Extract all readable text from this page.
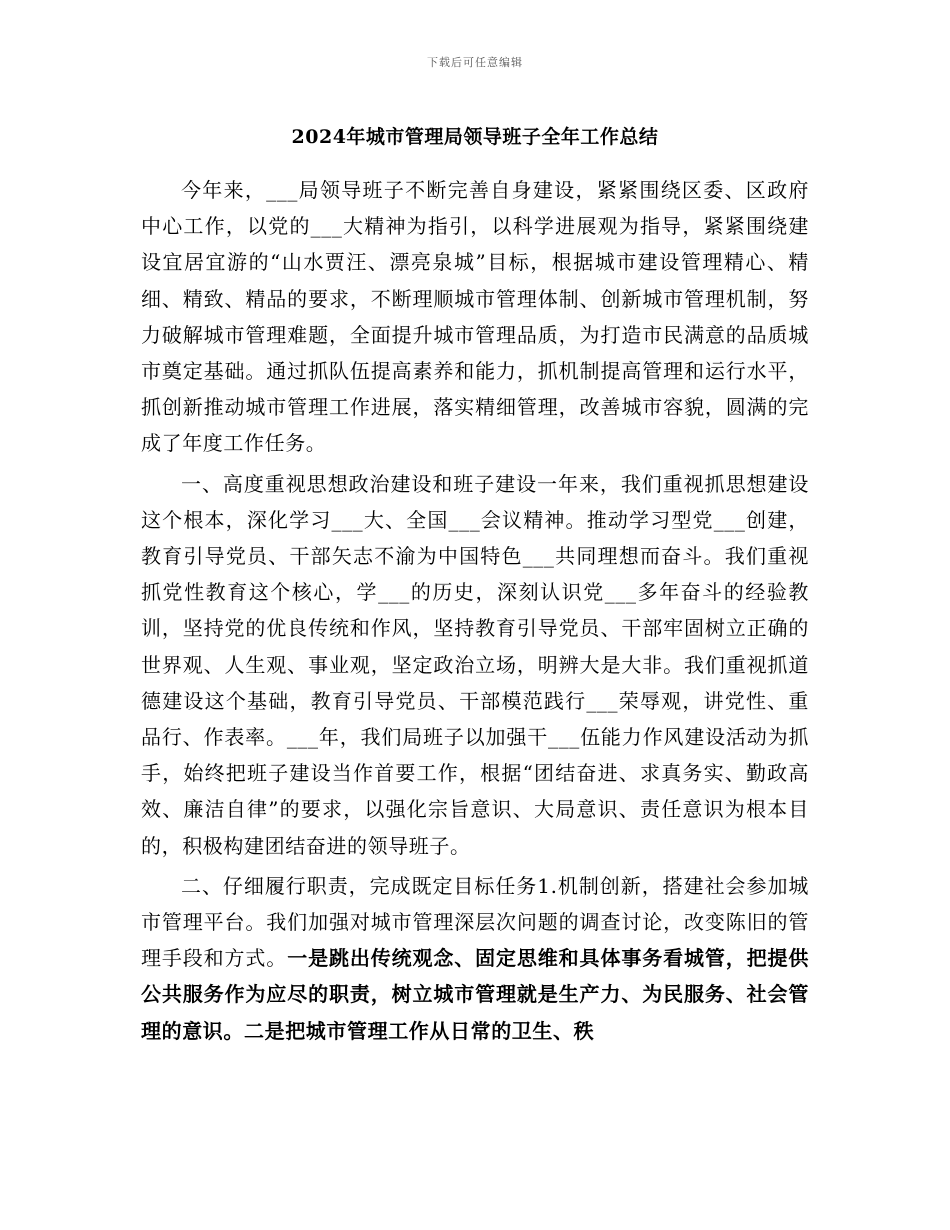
下载后可任意编辑
2024年城市管理局领导班子全年工作总结

今年来，___局领导班子不断完善自身建设，紧紧围绕区委、区政府中心工作，以党的___大精神为指引，以科学进展观为指导，紧紧围绕建设宜居宜游的“山水贾汪、漂亮泉城”目标，根据城市建设管理精心、精细、精致、精品的要求，不断理顺城市管理体制、创新城市管理机制，努力破解城市管理难题，全面提升城市管理品质，为打造市民满意的品质城市奠定基础。通过抓队伍提高素养和能力，抓机制提高管理和运行水平，抓创新推动城市管理工作进展，落实精细管理，改善城市容貌，圆满的完成了年度工作任务。

一、高度重视思想政治建设和班子建设一年来，我们重视抓思想建设这个根本，深化学习___大、全国___会议精神。推动学习型党___创建，教育引导党员、干部矢志不渝为中国特色___共同理想而奋斗。我们重视抓党性教育这个核心，学___的历史，深刻认识党___多年奋斗的经验教训，坚持党的优良传统和作风，坚持教育引导党员、干部牢固树立正确的世界观、人生观、事业观，坚定政治立场，明辨大是大非。我们重视抓道德建设这个基础，教育引导党员、干部模范践行___荣辱观，讲党性、重品行、作表率。___年，我们局班子以加强干___伍能力作风建设活动为抓手，始终把班子建设当作首要工作，根据“团结奋进、求真务实、勤政高效、廉洁自律”的要求，以强化宗旨意识、大局意识、责任意识为根本目的，积极构建团结奋进的领导班子。

二、仔细履行职责，完成既定目标任务1.机制创新，搭建社会参加城市管理平台。我们加强对城市管理深层次问题的调查讨论，改变陈旧的管理手段和方式。一是跳出传统观念、固定思维和具体事务看城管，把提供公共服务作为应尽的职责，树立城市管理就是生产力、为民服务、社会管理的意识。二是把城市管理工作从日常的卫生、秩
